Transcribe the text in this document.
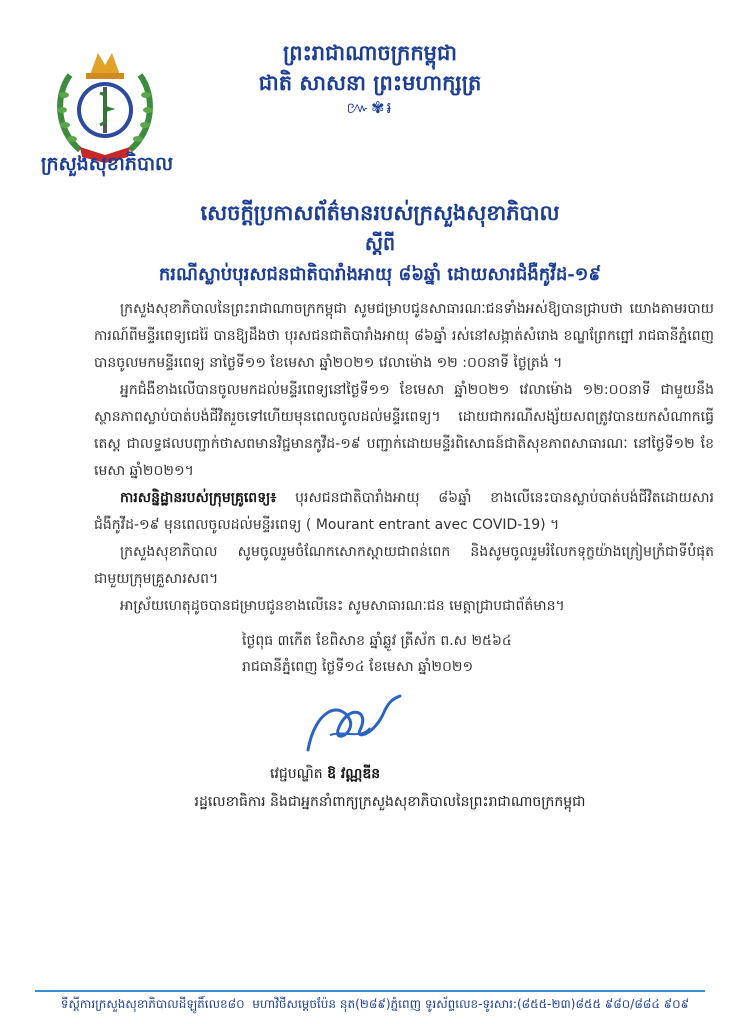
ព្រះរាជាណាចក្រកម្ពុជា
ជាតិ សាសនា ព្រះមហាក្សត្រ
៚✾៛
ក្រសួងសុខាភិបាល
សេចក្តីប្រកាសព័ត៌មានរបស់ក្រសួងសុខាភិបាល
ស្តីពី
ករណីស្លាប់បុរសជនជាតិបារាំងអាយុ ៨៦ឆ្នាំ ដោយសារជំងឺកូវីដ-១៩

ក្រសួងសុខាភិបាលនៃព្រះរាជាណាចក្រកម្ពុជា សូមជម្រាបជូនសាធារណៈជនទាំងអស់ឱ្យបានជ្រាបថា យោងតាមរបាយការណ៍ពីមន្ទីរពេទ្យជេរ៉ៃ បានឱ្យដឹងថា បុរសជនជាតិបារាំងអាយុ ៨៦ឆ្នាំ រស់នៅសង្កាត់សំរោង ខណ្ឌព្រែកព្នៅ រាជធានីភ្នំពេញ បានចូលមកមន្ទីរពេទ្យ នាថ្ងៃទី១១ ខែមេសា ឆ្នាំ២០២១ វេលាម៉ោង ១២ :០០នាទី ថ្ងៃត្រង់ ។

អ្នកជំងឺខាងលើបានចូលមកដល់មន្ទីរពេទ្យនៅថ្ងៃទី១១ ខែមេសា ឆ្នាំ២០២១ វេលាម៉ោង ១២:០០នាទី ជាមួយនឹងស្ថានភាពស្លាប់បាត់បង់ជីវិតរួចទៅហើយមុនពេលចូលដល់មន្ទីរពេទ្យ។ ដោយជាករណីសង្ស័យសពត្រូវបានយកសំណាកធ្វើតេស្ត ជាលទ្ធផលបញ្ជាក់ថាសពមានវិជ្ជមានកូវីដ-១៩ បញ្ជាក់ដោយមន្ទីរពិសោធន៍ជាតិសុខភាពសាធារណៈ នៅថ្ងៃទី១២ ខែមេសា ឆ្នាំ២០២១។

ការសន្និដ្ឋានរបស់ក្រុមគ្រូពេទ្យ៖ បុរសជនជាតិបារាំងអាយុ ៨៦ឆ្នាំ ខាងលើនេះបានស្លាប់បាត់បង់ជីវិតដោយសារជំងឺកូវីដ-១៩ មុនពេលចូលដល់មន្ទីរពេទ្យ ( Mourant entrant avec COVID-19) ។

ក្រសួងសុខាភិបាល សូមចូលរួមចំណែកសោកស្តាយជាពន់ពេក និងសូមចូលរួមរំលែកទុក្ខយ៉ាងក្រៀមក្រំជាទីបំផុតជាមួយក្រុមគ្រួសារសព។

អាស្រ័យហេតុដូចបានជម្រាបជូនខាងលើនេះ សូមសាធារណៈជន មេត្តាជ្រាបជាព័ត៌មាន។

ថ្ងៃពុធ ៣កើត ខែពិសាខ ឆ្នាំឆ្លូវ ត្រីស័ក ព.ស ២៥៦៤
រាជធានីភ្នំពេញ ថ្ងៃទី១៤ ខែមេសា ឆ្នាំ២០២១
វេជ្ជបណ្ឌិត ឱ វណ្ណឌីន
រដ្ឋលេខាធិការ និងជាអ្នកនាំពាក្យក្រសួងសុខាភិបាលនៃព្រះរាជាណាចក្រកម្ពុជា
ទីស្តីការក្រសួងសុខាភិបាលដីឡូតិ៍លេខ៨០ ​​ មហាវិថីសម្តេចប៉ែន នុត(២៨៩)ភ្នំពេញ ទូរស័ព្ទលេខ-ទូរសារ:(៨៥៥-២៣)៨៥៥ ៩៨០/៨៨៤ ៩០៩
